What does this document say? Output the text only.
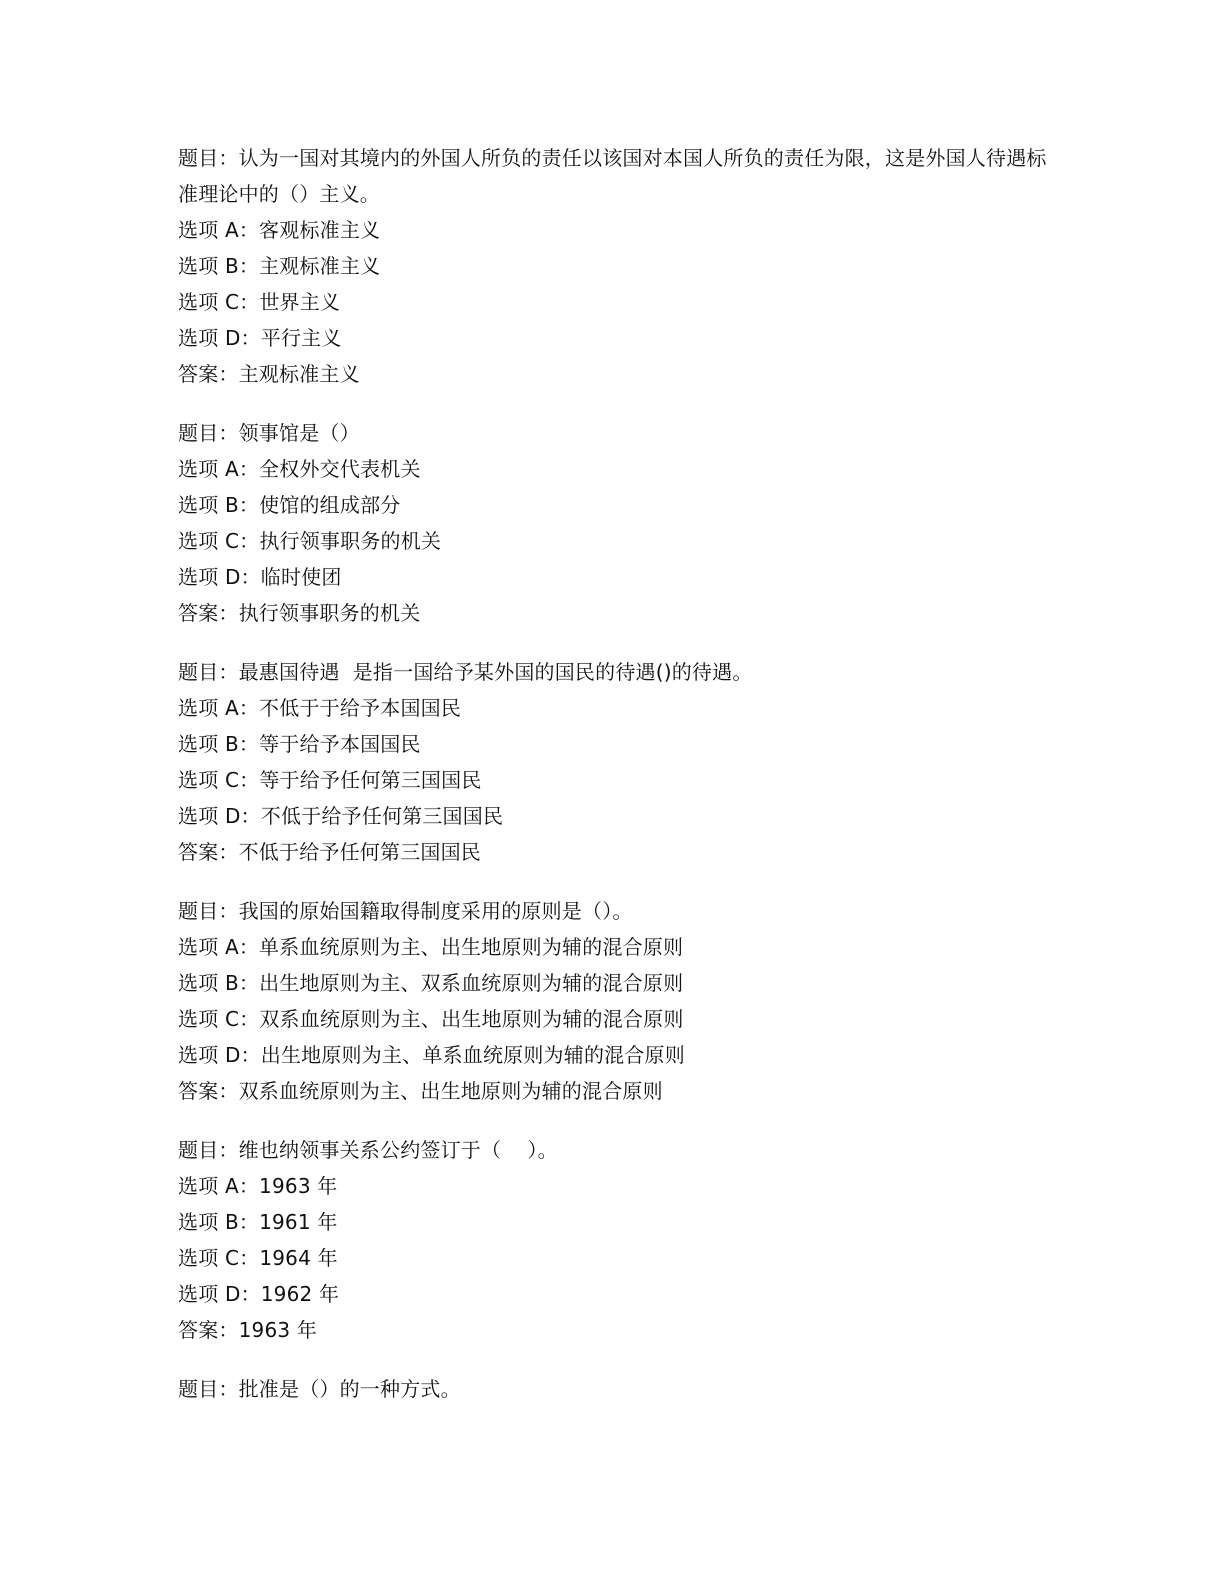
题目：认为一国对其境内的外国人所负的责任以该国对本国人所负的责任为限，这是外国人待遇标准理论中的（）主义。
选项 A：客观标准主义
选项 B：主观标准主义
选项 C：世界主义
选项 D：平行主义
答案：主观标准主义
题目：领事馆是（）
选项 A：全权外交代表机关
选项 B：使馆的组成部分
选项 C：执行领事职务的机关
选项 D：临时使团
答案：执行领事职务的机关
题目：最惠国待遇  是指一国给予某外国的国民的待遇()的待遇。
选项 A：不低于于给予本国国民
选项 B：等于给予本国国民
选项 C：等于给予任何第三国国民
选项 D：不低于给予任何第三国国民
答案：不低于给予任何第三国国民
题目：我国的原始国籍取得制度采用的原则是（）。
选项 A：单系血统原则为主、出生地原则为辅的混合原则
选项 B：出生地原则为主、双系血统原则为辅的混合原则
选项 C：双系血统原则为主、出生地原则为辅的混合原则
选项 D：出生地原则为主、单系血统原则为辅的混合原则
答案：双系血统原则为主、出生地原则为辅的混合原则
题目：维也纳领事关系公约签订于（    ）。
选项 A：1963 年
选项 B：1961 年
选项 C：1964 年
选项 D：1962 年
答案：1963 年
题目：批准是（）的一种方式。
